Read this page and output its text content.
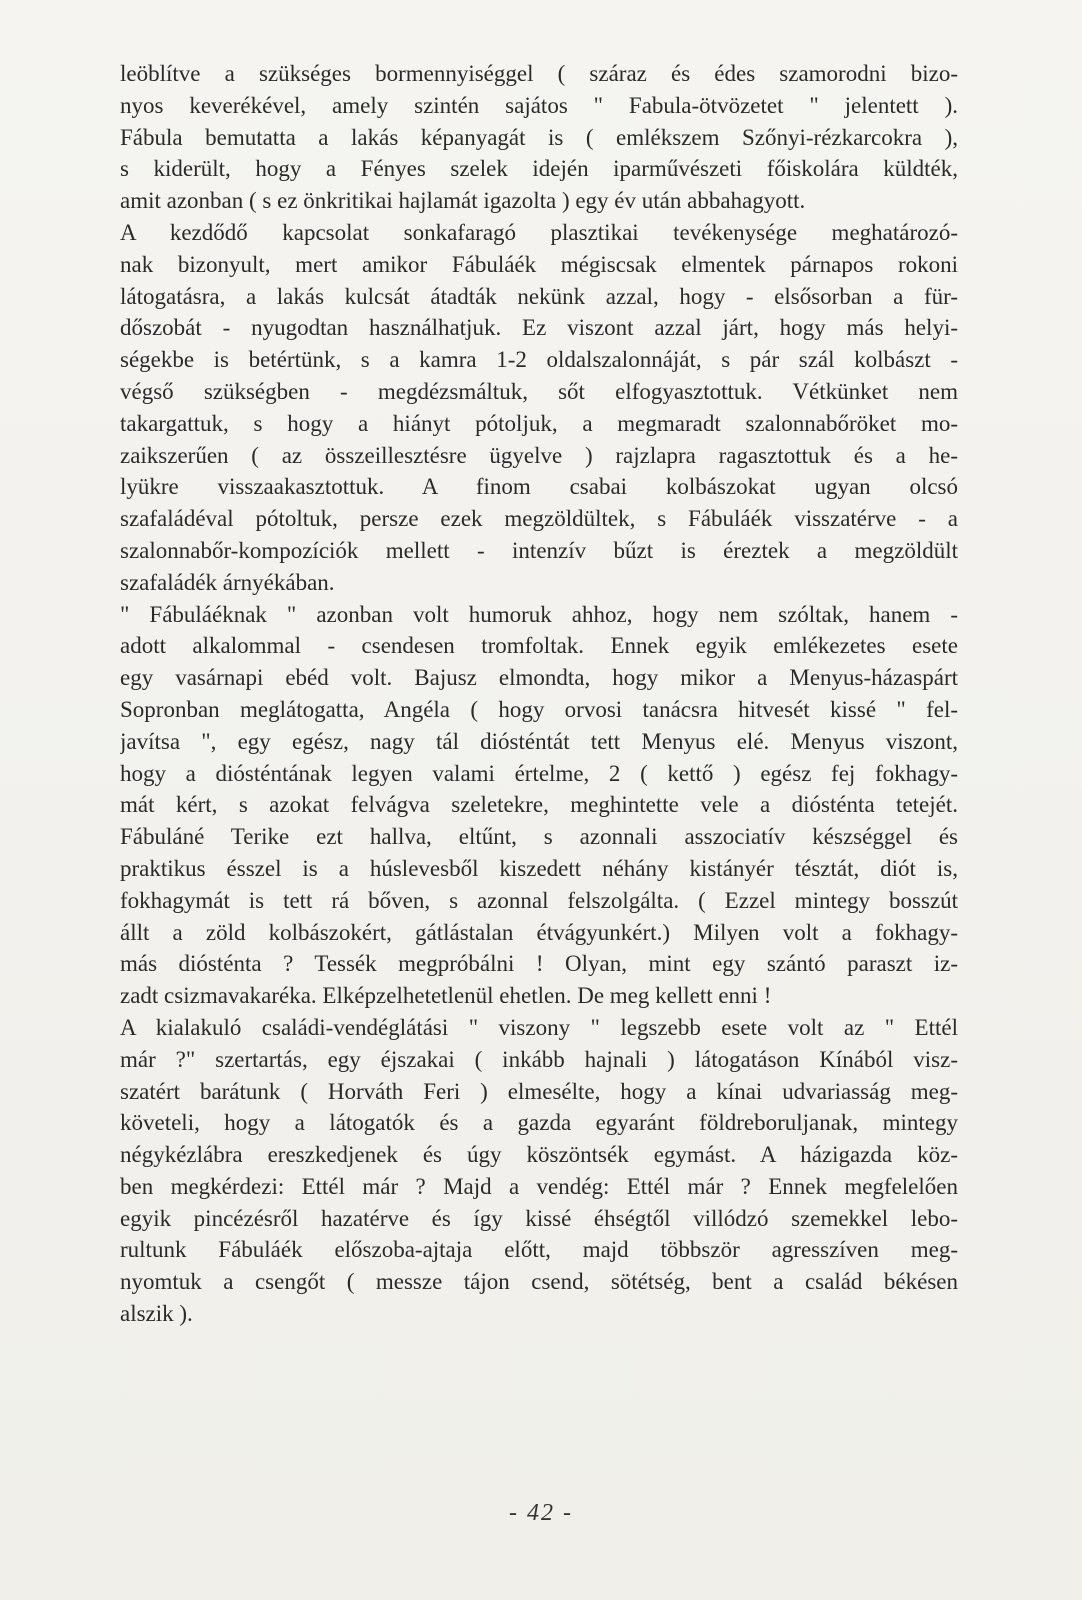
leöblítve a szükséges bormennyiséggel ( száraz és édes szamorodni bizo-
nyos keverékével, amely szintén sajátos " Fabula-ötvözetet " jelentett ).
Fábula bemutatta a lakás képanyagát is ( emlékszem Szőnyi-rézkarcokra ),
s kiderült, hogy a Fényes szelek idején iparművészeti főiskolára küldték,
amit azonban ( s ez önkritikai hajlamát igazolta ) egy év után abbahagyott.
A kezdődő kapcsolat sonkafaragó plasztikai tevékenysége meghatározó-
nak bizonyult, mert amikor Fábuláék mégiscsak elmentek párnapos rokoni
látogatásra, a lakás kulcsát átadták nekünk azzal, hogy - elsősorban a für-
dőszobát - nyugodtan használhatjuk. Ez viszont azzal járt, hogy más helyi-
ségekbe is betértünk, s a kamra 1-2 oldalszalonnáját, s pár szál kolbászt -
végső szükségben - megdézsmáltuk, sőt elfogyasztottuk. Vétkünket nem
takargattuk, s hogy a hiányt pótoljuk, a megmaradt szalonnabőröket mo-
zaikszerűen ( az összeillesztésre ügyelve ) rajzlapra ragasztottuk és a he-
lyükre visszaakasztottuk. A finom csabai kolbászokat ugyan olcsó
szafaládéval pótoltuk, persze ezek megzöldültek, s Fábuláék visszatérve - a
szalonnabőr-kompozíciók mellett - intenzív bűzt is éreztek a megzöldült
szafaládék árnyékában.
" Fábuláéknak " azonban volt humoruk ahhoz, hogy nem szóltak, hanem -
adott alkalommal - csendesen tromfoltak. Ennek egyik emlékezetes esete
egy vasárnapi ebéd volt. Bajusz elmondta, hogy mikor a Menyus-házaspárt
Sopronban meglátogatta, Angéla ( hogy orvosi tanácsra hitvesét kissé " fel-
javítsa ", egy egész, nagy tál diósténtát tett Menyus elé. Menyus viszont,
hogy a diósténtának legyen valami értelme, 2 ( kettő ) egész fej fokhagy-
mát kért, s azokat felvágva szeletekre, meghintette vele a diósténta tetejét.
Fábuláné Terike ezt hallva, eltűnt, s azonnali asszociatív készséggel és
praktikus ésszel is a húslevesből kiszedett néhány kistányér tésztát, diót is,
fokhagymát is tett rá bőven, s azonnal felszolgálta. ( Ezzel mintegy bosszút
állt a zöld kolbászokért, gátlástalan étvágyunkért.) Milyen volt a fokhagy-
más diósténta ? Tessék megpróbálni ! Olyan, mint egy szántó paraszt iz-
zadt csizmavakaréka. Elképzelhetetlenül ehetlen. De meg kellett enni !
A kialakuló családi-vendéglátási " viszony " legszebb esete volt az " Ettél
már ?" szertartás, egy éjszakai ( inkább hajnali ) látogatáson Kínából visz-
szatért barátunk ( Horváth Feri ) elmesélte, hogy a kínai udvariasság meg-
követeli, hogy a látogatók és a gazda egyaránt földreboruljanak, mintegy
négykézlábra ereszkedjenek és úgy köszöntsék egymást. A házigazda köz-
ben megkérdezi: Ettél már ? Majd a vendég: Ettél már ? Ennek megfelelően
egyik pincézésről hazatérve és így kissé éhségtől villódzó szemekkel lebo-
rultunk Fábuláék előszoba-ajtaja előtt, majd többször agresszíven meg-
nyomtuk a csengőt ( messze tájon csend, sötétség, bent a család békésen
alszik ).
- 42 -
